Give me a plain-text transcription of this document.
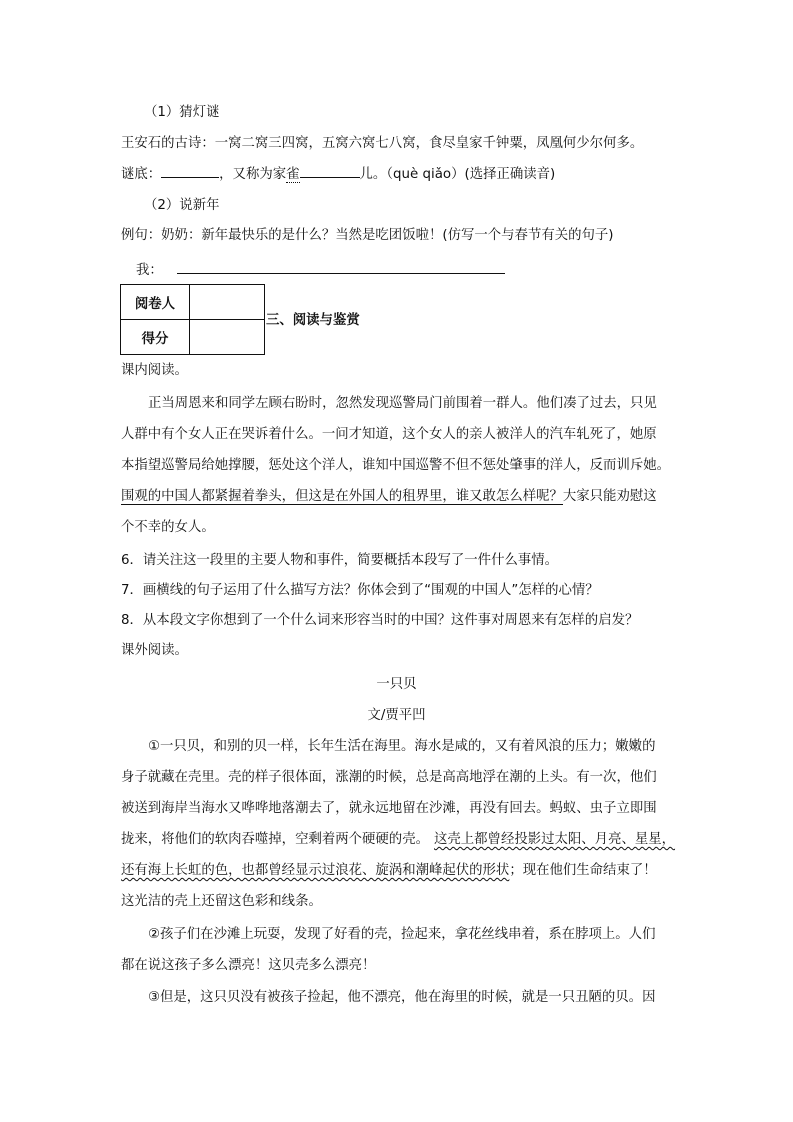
（1）猜灯谜
王安石的古诗：一窝二窝三四窝，五窝六窝七八窝，食尽皇家千钟粟，凤凰何少尔何多。
谜底：	，又称为家雀	儿。（què qiǎo）(选择正确读音)
（2）说新年
例句：奶奶：新年最快乐的是什么？当然是吃团饭啦！(仿写一个与春节有关的句子)
我：
阅卷人	
得分	
三、阅读与鉴赏
课内阅读。
正当周恩来和同学左顾右盼时，忽然发现巡警局门前围着一群人。他们凑了过去，只见
人群中有个女人正在哭诉着什么。一问才知道，这个女人的亲人被洋人的汽车轧死了，她原
本指望巡警局给她撑腰，惩处这个洋人，谁知中国巡警不但不惩处肇事的洋人，反而训斥她。
围观的中国人都紧握着拳头，但这是在外国人的租界里，谁又敢怎么样呢？大家只能劝慰这
个不幸的女人。
6．请关注这一段里的主要人物和事件，简要概括本段写了一件什么事情。
7．画横线的句子运用了什么描写方法？你体会到了“围观的中国人”怎样的心情？
8．从本段文字你想到了一个什么词来形容当时的中国？这件事对周恩来有怎样的启发？
课外阅读。
一只贝
文/贾平凹
①一只贝，和别的贝一样，长年生活在海里。海水是咸的，又有着风浪的压力；嫩嫩的
身子就藏在壳里。壳的样子很体面，涨潮的时候，总是高高地浮在潮的上头。有一次，他们
被送到海岸当海水又哗哗地落潮去了，就永远地留在沙滩，再没有回去。蚂蚁、虫子立即围
拢来，将他们的软肉吞噬掉，空剩着两个硬硬的壳。 这壳上都曾经投影过太阳、月亮、星星，
还有海上长虹的色，也都曾经显示过浪花、旋涡和潮峰起伏的形状；现在他们生命结束了！
这光洁的壳上还留这色彩和线条。
②孩子们在沙滩上玩耍，发现了好看的壳，捡起来，拿花丝线串着，系在脖项上。人们
都在说这孩子多么漂亮！这贝壳多么漂亮！
③但是，这只贝没有被孩子捡起，他不漂亮，他在海里的时候，就是一只丑陋的贝。因
